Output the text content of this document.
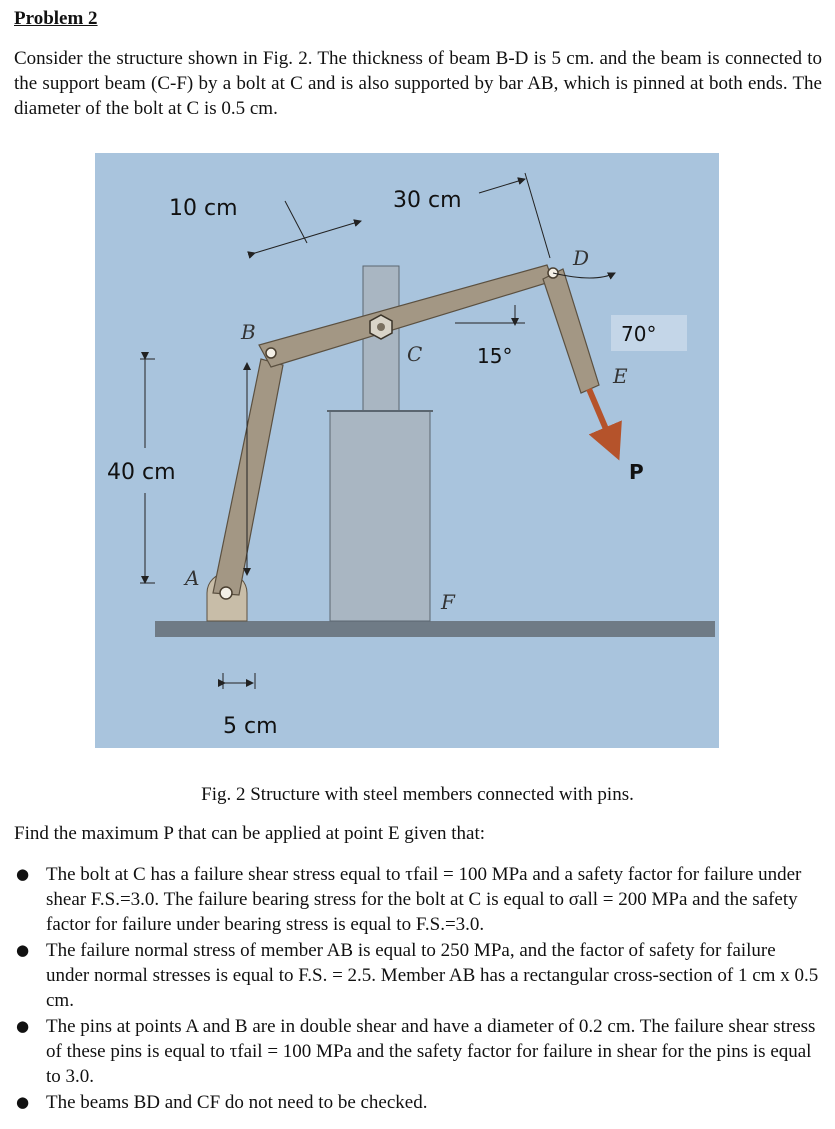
Problem 2
Consider the structure shown in Fig. 2. The thickness of beam B-D is 5 cm. and the beam is connected to the support beam (C-F) by a bolt at C and is also supported by bar AB, which is pinned at both ends. The diameter of the bolt at C is 0.5 cm.
10 cm	30 cm
40 cm
5 cm
15°
70°
A
B
C
D
E
F
P
Fig. 2 Structure with steel members connected with pins.
Find the maximum P that can be applied at point E given that:
● The bolt at C has a failure shear stress equal to τfail = 100 MPa and a safety factor for failure under shear F.S.=3.0. The failure bearing stress for the bolt at C is equal to σall = 200 MPa and the safety factor for failure under bearing stress is equal to F.S.=3.0.
● The failure normal stress of member AB is equal to 250 MPa, and the factor of safety for failure under normal stresses is equal to F.S. = 2.5. Member AB has a rectangular cross-section of 1 cm x 0.5 cm.
● The pins at points A and B are in double shear and have a diameter of 0.2 cm. The failure shear stress of these pins is equal to τfail = 100 MPa and the safety factor for failure in shear for the pins is equal to 3.0.
● The beams BD and CF do not need to be checked.
